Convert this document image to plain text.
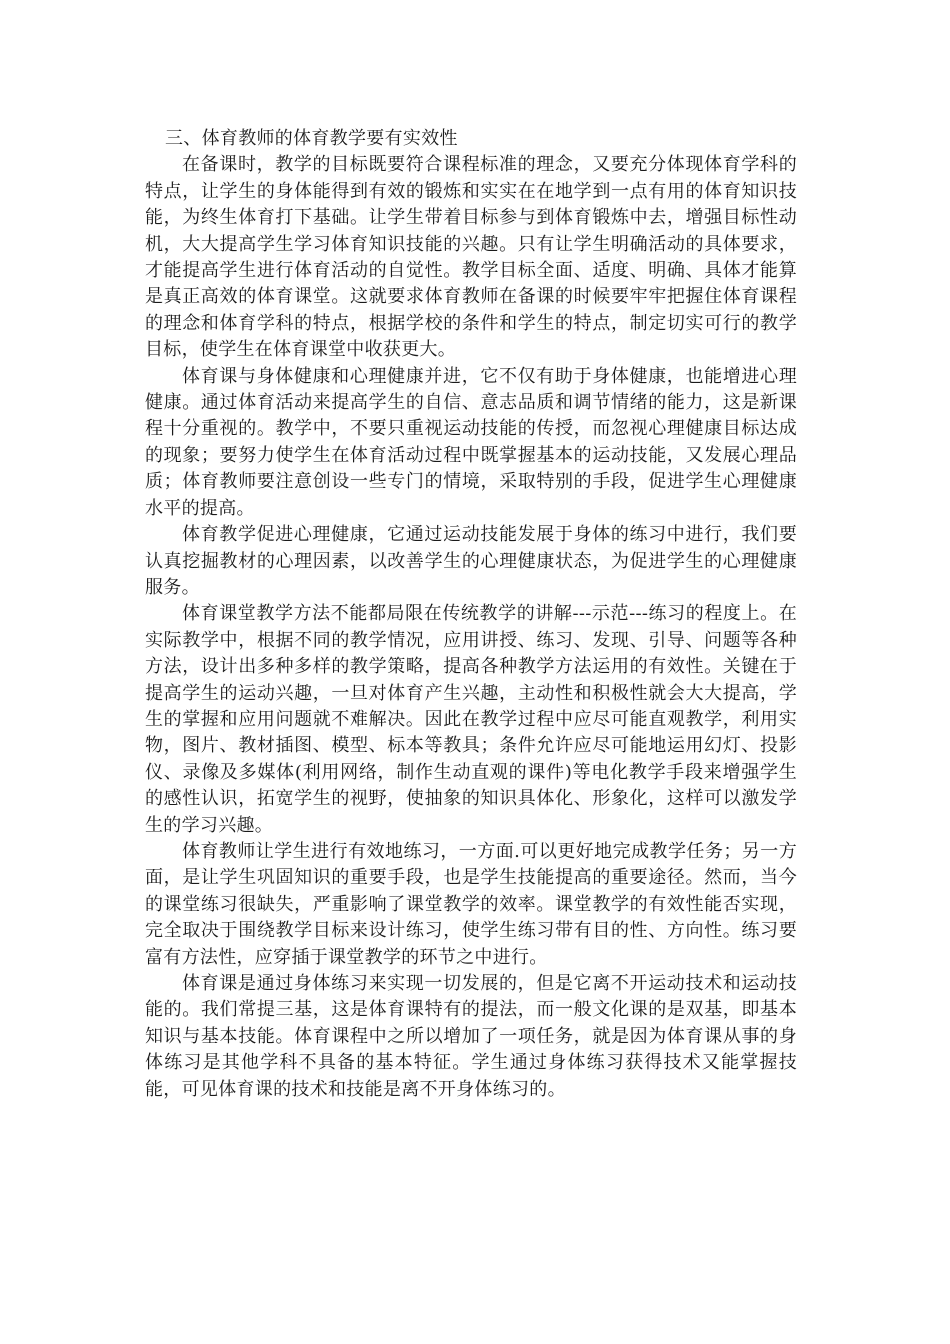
三、体育教师的体育教学要有实效性

在备课时，教学的目标既要符合课程标准的理念，又要充分体现体育学科的特点，让学生的身体能得到有效的锻炼和实实在在地学到一点有用的体育知识技能，为终生体育打下基础。让学生带着目标参与到体育锻炼中去，增强目标性动机，大大提高学生学习体育知识技能的兴趣。只有让学生明确活动的具体要求，才能提高学生进行体育活动的自觉性。教学目标全面、适度、明确、具体才能算是真正高效的体育课堂。这就要求体育教师在备课的时候要牢牢把握住体育课程的理念和体育学科的特点，根据学校的条件和学生的特点，制定切实可行的教学目标，使学生在体育课堂中收获更大。

体育课与身体健康和心理健康并进，它不仅有助于身体健康，也能增进心理健康。通过体育活动来提高学生的自信、意志品质和调节情绪的能力，这是新课程十分重视的。教学中，不要只重视运动技能的传授，而忽视心理健康目标达成的现象；要努力使学生在体育活动过程中既掌握基本的运动技能，又发展心理品质；体育教师要注意创设一些专门的情境，采取特别的手段，促进学生心理健康水平的提高。

体育教学促进心理健康，它通过运动技能发展于身体的练习中进行，我们要认真挖掘教材的心理因素，以改善学生的心理健康状态，为促进学生的心理健康服务。

体育课堂教学方法不能都局限在传统教学的讲解---示范---练习的程度上。在实际教学中，根据不同的教学情况，应用讲授、练习、发现、引导、问题等各种方法，设计出多种多样的教学策略，提高各种教学方法运用的有效性。关键在于提高学生的运动兴趣，一旦对体育产生兴趣，主动性和积极性就会大大提高，学生的掌握和应用问题就不难解决。因此在教学过程中应尽可能直观教学，利用实物，图片、教材插图、模型、标本等教具；条件允许应尽可能地运用幻灯、投影仪、录像及多媒体(利用网络，制作生动直观的课件)等电化教学手段来增强学生的感性认识，拓宽学生的视野，使抽象的知识具体化、形象化，这样可以激发学生的学习兴趣。

体育教师让学生进行有效地练习，一方面.可以更好地完成教学任务；另一方面，是让学生巩固知识的重要手段，也是学生技能提高的重要途径。然而，当今的课堂练习很缺失，严重影响了课堂教学的效率。课堂教学的有效性能否实现，完全取决于围绕教学目标来设计练习，使学生练习带有目的性、方向性。练习要富有方法性，应穿插于课堂教学的环节之中进行。

体育课是通过身体练习来实现一切发展的，但是它离不开运动技术和运动技能的。我们常提三基，这是体育课特有的提法，而一般文化课的是双基，即基本知识与基本技能。体育课程中之所以增加了一项任务，就是因为体育课从事的身体练习是其他学科不具备的基本特征。学生通过身体练习获得技术又能掌握技能，可见体育课的技术和技能是离不开身体练习的。
